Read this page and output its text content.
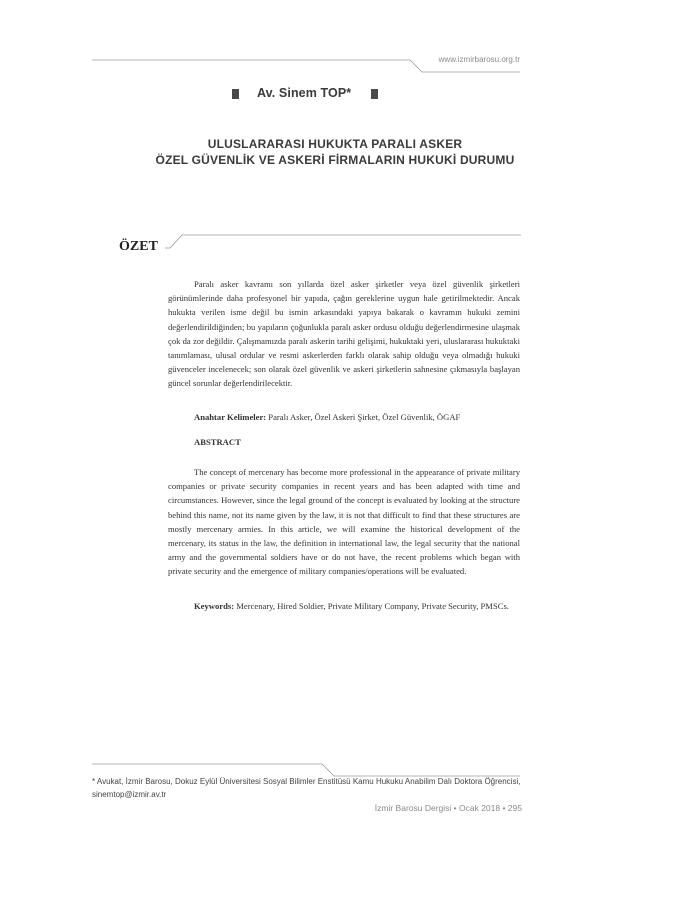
www.izmirbarosu.org.tr
Av. Sinem TOP*
ULUSLARARASI HUKUKTA PARALI ASKER
ÖZEL GÜVENLİK VE ASKERİ FİRMALARIN HUKUKİ DURUMU
ÖZET
Paralı asker kavramı son yıllarda özel asker şirketler veya özel güvenlik şirketleri görünümlerinde daha profesyonel bir yapıda, çağın gereklerine uygun hale getirilmektedir. Ancak hukukta verilen isme değil bu ismin arkasındaki yapıya bakarak o kavramın hukuki zemini değerlendirildiğinden; bu yapıların çoğunlukla paralı asker ordusu olduğu değerlendirmesine ulaşmak çok da zor değildir. Çalışmamızda paralı askerin tarihi gelişimi, hukuktaki yeri, uluslararası hukuktaki tanımlaması, ulusal ordular ve resmi askerlerden farklı olarak sahip olduğu veya olmadığı hukuki güvenceler incelenecek; son olarak özel güvenlik ve askeri şirketlerin sahnesine çıkmasıyla başlayan güncel sorunlar değerlendirilecektir.
Anahtar Kelimeler: Paralı Asker, Özel Askeri Şirket, Özel Güvenlik, ÖGAF
ABSTRACT
The concept of mercenary has become more professional in the appearance of private military companies or private security companies in recent years and has been adapted with time and circumstances. However, since the legal ground of the concept is evaluated by looking at the structure behind this name, not its name given by the law, it is not that difficult to find that these structures are mostly mercenary armies. In this article, we will examine the historical development of the mercenary, its status in the law, the definition in international law, the legal security that the national army and the governmental soldiers have or do not have, the recent problems which began with private security and the emergence of military companies/operations will be evaluated.
Keywords: Mercenary, Hired Soldier, Private Military Company, Private Security, PMSCs.
* Avukat, İzmir Barosu, Dokuz Eylül Üniversitesi Sosyal Bilimler Enstitüsü Kamu Hukuku Anabilim Dalı Doktora Öğrencisi, sinemtop@izmir.av.tr
İzmir Barosu Dergisi • Ocak 2018 • 295
